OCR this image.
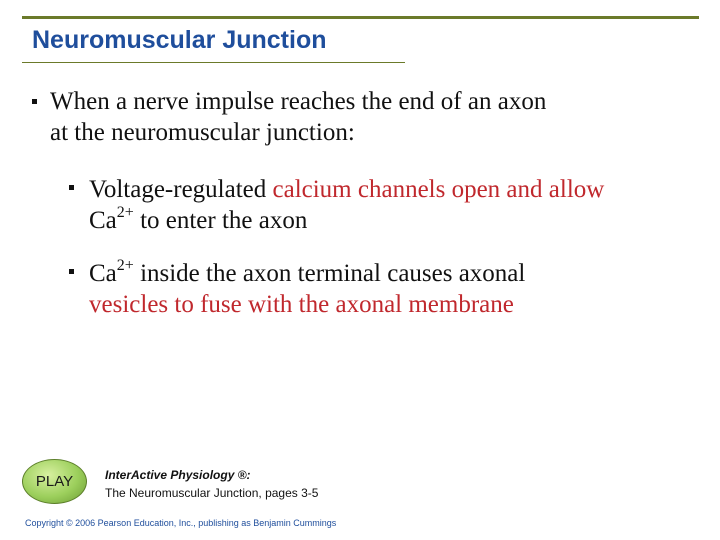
Neuromuscular Junction
When a nerve impulse reaches the end of an axon
at the neuromuscular junction:
Voltage-regulated calcium channels open and allow
$Ca^{2+}$ to enter the axon
$Ca^{2+}$ inside the axon terminal causes axonal
vesicles to fuse with the axonal membrane
PLAY	InterActive Physiology ®:
The Neuromuscular Junction, pages 3-5
Copyright © 2006 Pearson Education, Inc., publishing as Benjamin Cummings
